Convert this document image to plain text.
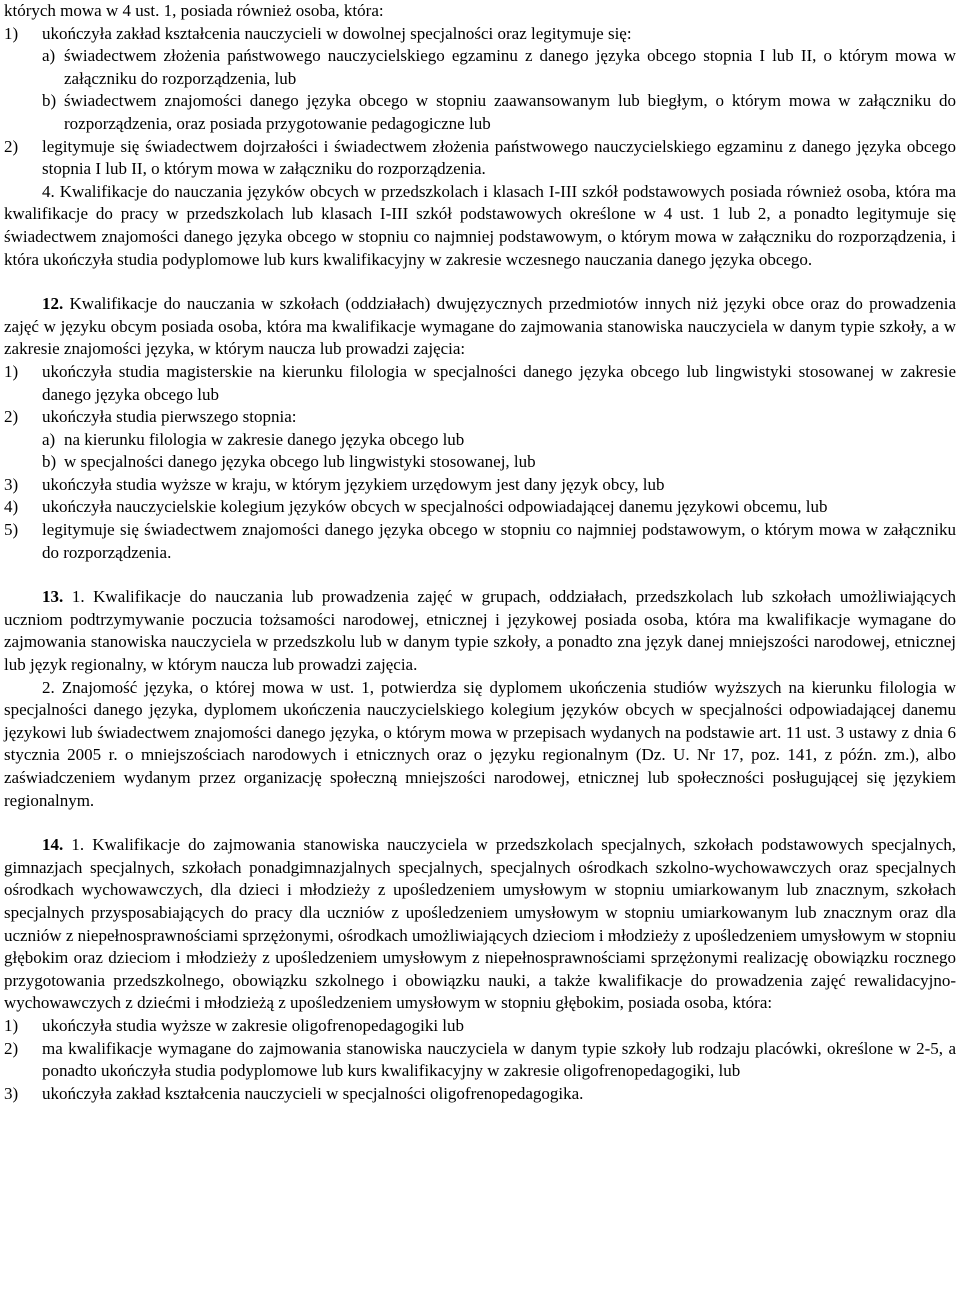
których mowa w 4 ust. 1, posiada również osoba, która:
1)	ukończyła zakład kształcenia nauczycieli w dowolnej specjalności oraz legitymuje się:
a) świadectwem złożenia państwowego nauczycielskiego egzaminu z danego języka obcego stopnia I lub II, o którym mowa w załączniku do rozporządzenia, lub
b) świadectwem znajomości danego języka obcego w stopniu zaawansowanym lub biegłym, o którym mowa w załączniku do rozporządzenia, oraz posiada przygotowanie pedagogiczne lub
2)	legitymuje się świadectwem dojrzałości i świadectwem złożenia państwowego nauczycielskiego egzaminu z danego języka obcego stopnia I lub II, o którym mowa w załączniku do rozporządzenia.
4. Kwalifikacje do nauczania języków obcych w przedszkolach i klasach I-III szkół podstawowych posiada również osoba, która ma kwalifikacje do pracy w przedszkolach lub klasach I-III szkół podstawowych określone w 4 ust. 1 lub 2, a ponadto legitymuje się świadectwem znajomości danego języka obcego w stopniu co najmniej podstawowym, o którym mowa w załączniku do rozporządzenia, i która ukończyła studia podyplomowe lub kurs kwalifikacyjny w zakresie wczesnego nauczania danego języka obcego.
12. Kwalifikacje do nauczania w szkołach (oddziałach) dwujęzycznych przedmiotów innych niż języki obce oraz do prowadzenia zajęć w języku obcym posiada osoba, która ma kwalifikacje wymagane do zajmowania stanowiska nauczyciela w danym typie szkoły, a w zakresie znajomości języka, w którym naucza lub prowadzi zajęcia:
1)	ukończyła studia magisterskie na kierunku filologia w specjalności danego języka obcego lub lingwistyki stosowanej w zakresie danego języka obcego lub
2)	ukończyła studia pierwszego stopnia:
a) na kierunku filologia w zakresie danego języka obcego lub
b) w specjalności danego języka obcego lub lingwistyki stosowanej, lub
3)	ukończyła studia wyższe w kraju, w którym językiem urzędowym jest dany język obcy, lub
4)	ukończyła nauczycielskie kolegium języków obcych w specjalności odpowiadającej danemu językowi obcemu, lub
5)	legitymuje się świadectwem znajomości danego języka obcego w stopniu co najmniej podstawowym, o którym mowa w załączniku do rozporządzenia.
13. 1. Kwalifikacje do nauczania lub prowadzenia zajęć w grupach, oddziałach, przedszkolach lub szkołach umożliwiających uczniom podtrzymywanie poczucia tożsamości narodowej, etnicznej i językowej posiada osoba, która ma kwalifikacje wymagane do zajmowania stanowiska nauczyciela w przedszkolu lub w danym typie szkoły, a ponadto zna język danej mniejszości narodowej, etnicznej lub język regionalny, w którym naucza lub prowadzi zajęcia.
2. Znajomość języka, o której mowa w ust. 1, potwierdza się dyplomem ukończenia studiów wyższych na kierunku filologia w specjalności danego języka, dyplomem ukończenia nauczycielskiego kolegium języków obcych w specjalności odpowiadającej danemu językowi lub świadectwem znajomości danego języka, o którym mowa w przepisach wydanych na podstawie art. 11 ust. 3 ustawy z dnia 6 stycznia 2005 r. o mniejszościach narodowych i etnicznych oraz o języku regionalnym (Dz. U. Nr 17, poz. 141, z późn. zm.), albo zaświadczeniem wydanym przez organizację społeczną mniejszości narodowej, etnicznej lub społeczności posługującej się językiem regionalnym.
14. 1. Kwalifikacje do zajmowania stanowiska nauczyciela w przedszkolach specjalnych, szkołach podstawowych specjalnych, gimnazjach specjalnych, szkołach ponadgimnazjalnych specjalnych, specjalnych ośrodkach szkolno-wychowawczych oraz specjalnych ośrodkach wychowawczych, dla dzieci i młodzieży z upośledzeniem umysłowym w stopniu umiarkowanym lub znacznym, szkołach specjalnych przysposabiających do pracy dla uczniów z upośledzeniem umysłowym w stopniu umiarkowanym lub znacznym oraz dla uczniów z niepełnosprawnościami sprzężonymi, ośrodkach umożliwiających dzieciom i młodzieży z upośledzeniem umysłowym w stopniu głębokim oraz dzieciom i młodzieży z upośledzeniem umysłowym z niepełnosprawnościami sprzężonymi realizację obowiązku rocznego przygotowania przedszkolnego, obowiązku szkolnego i obowiązku nauki, a także kwalifikacje do prowadzenia zajęć rewalidacyjno-wychowawczych z dziećmi i młodzieżą z upośledzeniem umysłowym w stopniu głębokim, posiada osoba, która:
1)	ukończyła studia wyższe w zakresie oligofrenopedagogiki lub
2)	ma kwalifikacje wymagane do zajmowania stanowiska nauczyciela w danym typie szkoły lub rodzaju placówki, określone w 2-5, a ponadto ukończyła studia podyplomowe lub kurs kwalifikacyjny w zakresie oligofrenopedagogiki, lub
3)	ukończyła zakład kształcenia nauczycieli w specjalności oligofrenopedagogika.
